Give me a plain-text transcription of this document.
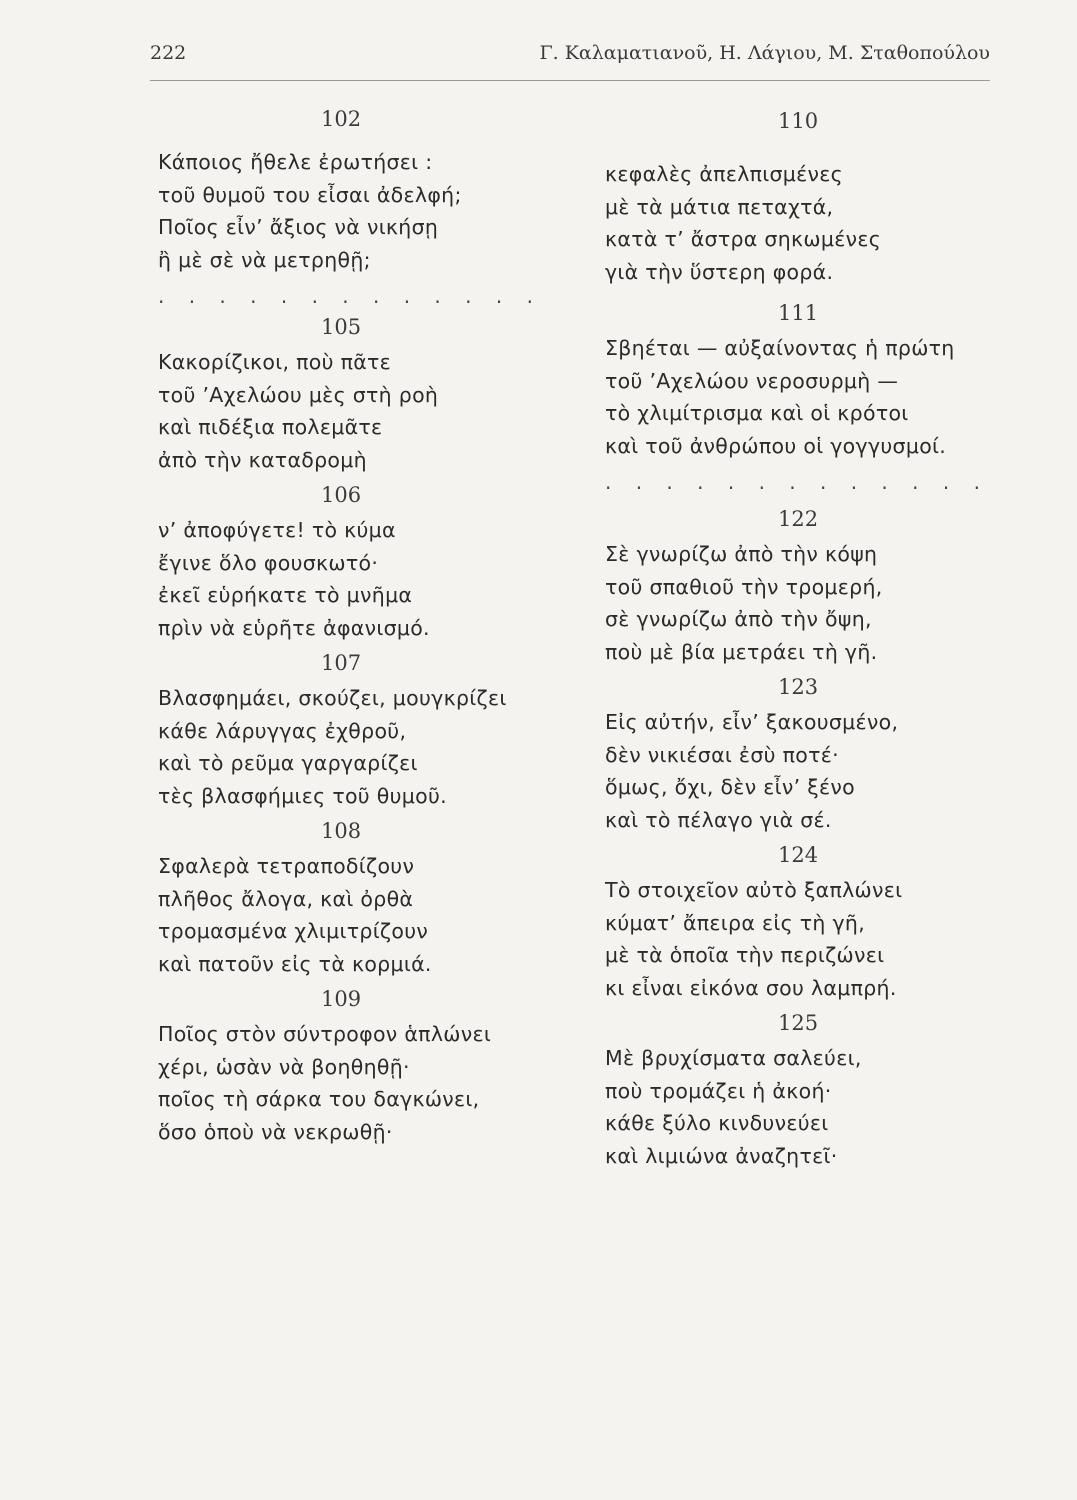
222	Γ. Καλαματιανοῦ, Η. Λάγιου, Μ. Σταθοπούλου
102
Κάποιος ἤθελε ἐρωτήσει :
τοῦ θυμοῦ του εἶσαι ἀδελφή;
Ποῖος εἶν’ ἄξιος νὰ νικήσῃ
ἢ μὲ σὲ νὰ μετρηθῇ;
. . . . . . . . . . . . .
105
Κακορίζικοι, ποὺ πᾶτε
τοῦ ’Αχελώου μὲς στὴ ροὴ
καὶ πιδέξια πολεμᾶτε
ἀπὸ τὴν καταδρομὴ
106
ν’ ἀποφύγετε! τὸ κύμα
ἔγινε ὅλο φουσκωτό·
ἐκεῖ εὑρήκατε τὸ μνῆμα
πρὶν νὰ εὑρῆτε ἀφανισμό.
107
Βλασφημάει, σκούζει, μουγκρίζει
κάθε λάρυγγας ἐχθροῦ,
καὶ τὸ ρεῦμα γαργαρίζει
τὲς βλασφήμιες τοῦ θυμοῦ.
108
Σφαλερὰ τετραποδίζουν
πλῆθος ἄλογα, καὶ ὀρθὰ
τρομασμένα χλιμιτρίζουν
καὶ πατοῦν εἰς τὰ κορμιά.
109
Ποῖος στὸν σύντροφον ἁπλώνει
χέρι, ὡσὰν νὰ βοηθηθῇ·
ποῖος τὴ σάρκα του δαγκώνει,
ὅσο ὁποὺ νὰ νεκρωθῇ·
110
κεφαλὲς ἀπελπισμένες
μὲ τὰ μάτια πεταχτά,
κατὰ τ’ ἄστρα σηκωμένες
γιὰ τὴν ὕστερη φορά.
111
Σβηέται — αὐξαίνοντας ἡ πρώτη
τοῦ ’Αχελώου νεροσυρμὴ —
τὸ χλιμίτρισμα καὶ οἱ κρότοι
καὶ τοῦ ἀνθρώπου οἱ γογγυσμοί.
. . . . . . . . . . . . .
122
Σὲ γνωρίζω ἀπὸ τὴν κόψη
τοῦ σπαθιοῦ τὴν τρομερή,
σὲ γνωρίζω ἀπὸ τὴν ὄψη,
ποὺ μὲ βία μετράει τὴ γῆ.
123
Εἰς αὐτήν, εἶν’ ξακουσμένο,
δὲν νικιέσαι ἐσὺ ποτέ·
ὅμως, ὄχι, δὲν εἶν’ ξένο
καὶ τὸ πέλαγο γιὰ σέ.
124
Τὸ στοιχεῖον αὐτὸ ξαπλώνει
κύματ’ ἄπειρα εἰς τὴ γῆ,
μὲ τὰ ὁποῖα τὴν περιζώνει
κι εἶναι εἰκόνα σου λαμπρή.
125
Μὲ βρυχίσματα σαλεύει,
ποὺ τρομάζει ἡ ἀκοή·
κάθε ξύλο κινδυνεύει
καὶ λιμιώνα ἀναζητεῖ·
